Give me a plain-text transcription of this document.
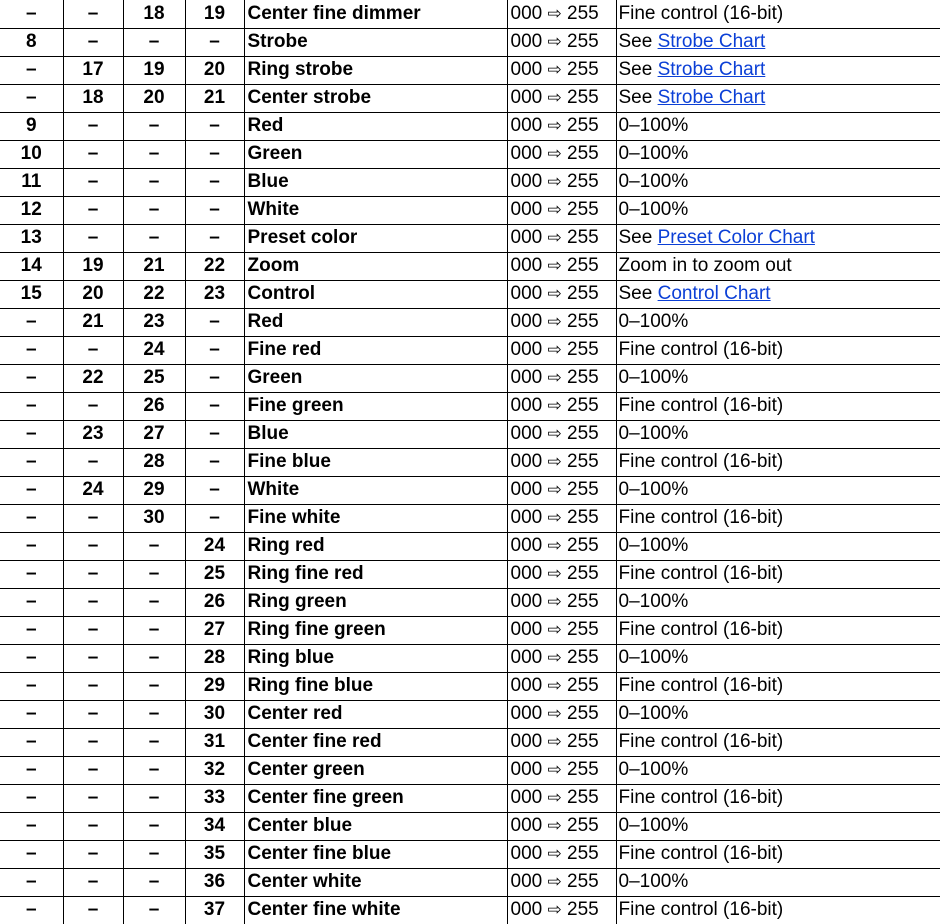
–	–	18	19	Center fine dimmer	000 ⇨ 255	Fine control (16-bit)
8	–	–	–	Strobe	000 ⇨ 255	See Strobe Chart
–	17	19	20	Ring strobe	000 ⇨ 255	See Strobe Chart
–	18	20	21	Center strobe	000 ⇨ 255	See Strobe Chart
9	–	–	–	Red	000 ⇨ 255	0–100%
10	–	–	–	Green	000 ⇨ 255	0–100%
11	–	–	–	Blue	000 ⇨ 255	0–100%
12	–	–	–	White	000 ⇨ 255	0–100%
13	–	–	–	Preset color	000 ⇨ 255	See Preset Color Chart
14	19	21	22	Zoom	000 ⇨ 255	Zoom in to zoom out
15	20	22	23	Control	000 ⇨ 255	See Control Chart
–	21	23	–	Red	000 ⇨ 255	0–100%
–	–	24	–	Fine red	000 ⇨ 255	Fine control (16-bit)
–	22	25	–	Green	000 ⇨ 255	0–100%
–	–	26	–	Fine green	000 ⇨ 255	Fine control (16-bit)
–	23	27	–	Blue	000 ⇨ 255	0–100%
–	–	28	–	Fine blue	000 ⇨ 255	Fine control (16-bit)
–	24	29	–	White	000 ⇨ 255	0–100%
–	–	30	–	Fine white	000 ⇨ 255	Fine control (16-bit)
–	–	–	24	Ring red	000 ⇨ 255	0–100%
–	–	–	25	Ring fine red	000 ⇨ 255	Fine control (16-bit)
–	–	–	26	Ring green	000 ⇨ 255	0–100%
–	–	–	27	Ring fine green	000 ⇨ 255	Fine control (16-bit)
–	–	–	28	Ring blue	000 ⇨ 255	0–100%
–	–	–	29	Ring fine blue	000 ⇨ 255	Fine control (16-bit)
–	–	–	30	Center red	000 ⇨ 255	0–100%
–	–	–	31	Center fine red	000 ⇨ 255	Fine control (16-bit)
–	–	–	32	Center green	000 ⇨ 255	0–100%
–	–	–	33	Center fine green	000 ⇨ 255	Fine control (16-bit)
–	–	–	34	Center blue	000 ⇨ 255	0–100%
–	–	–	35	Center fine blue	000 ⇨ 255	Fine control (16-bit)
–	–	–	36	Center white	000 ⇨ 255	0–100%
–	–	–	37	Center fine white	000 ⇨ 255	Fine control (16-bit)
